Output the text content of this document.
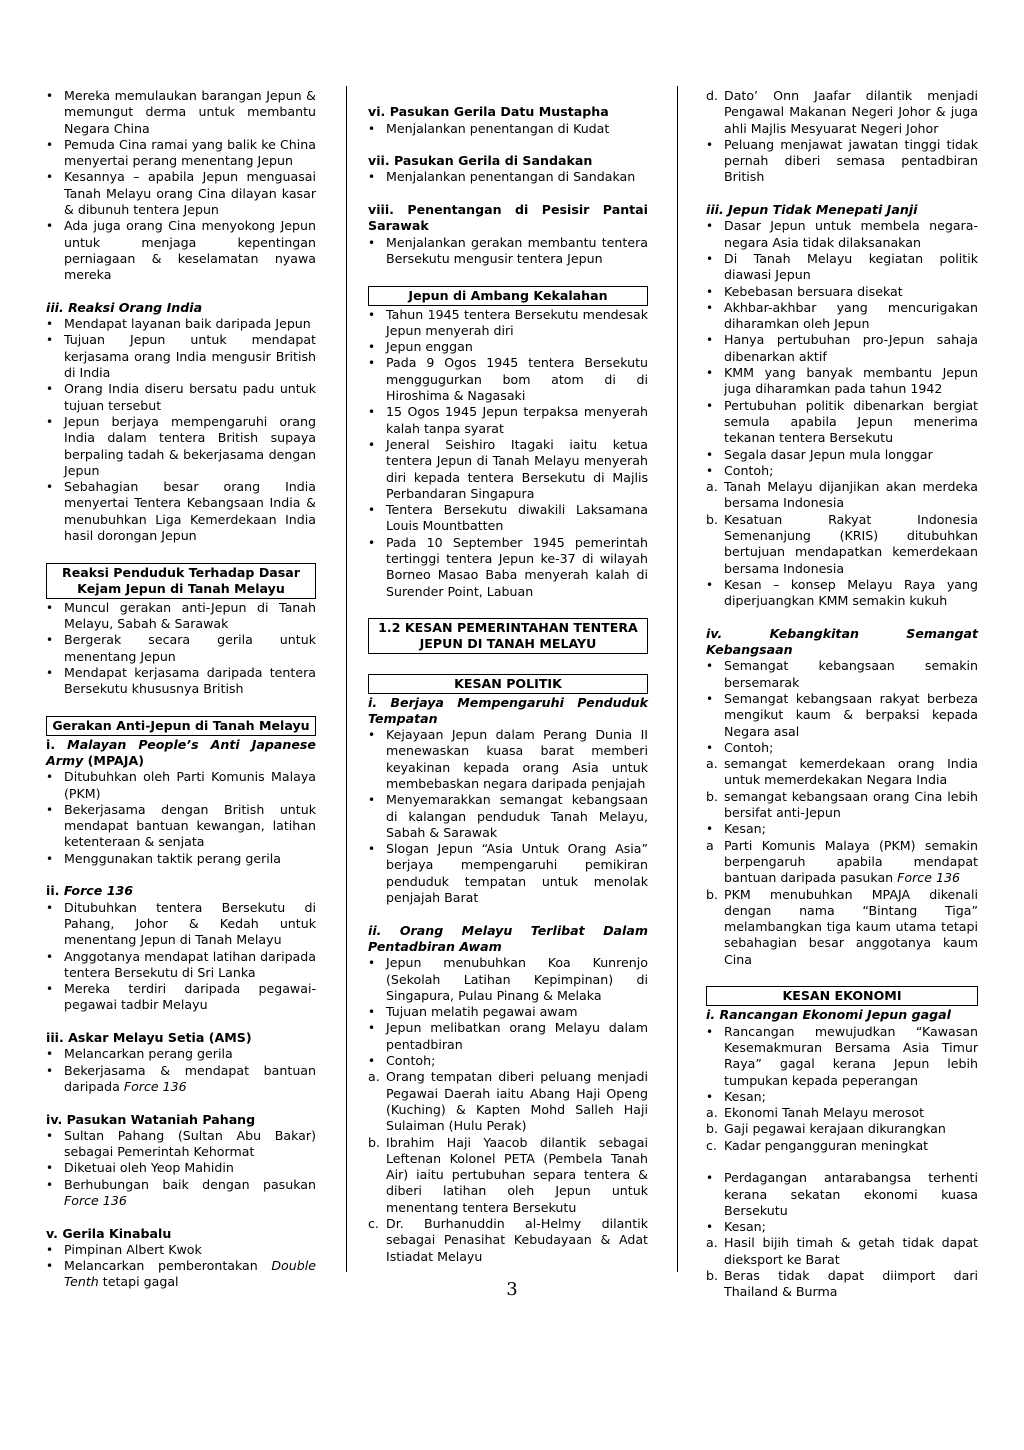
• Mereka memulaukan barangan Jepun & memungut derma untuk membantu Negara China
• Pemuda Cina ramai yang balik ke China menyertai perang menentang Jepun
• Kesannya – apabila Jepun menguasai Tanah Melayu orang Cina dilayan kasar & dibunuh tentera Jepun
• Ada juga orang Cina menyokong Jepun untuk menjaga kepentingan perniagaan & keselamatan nyawa mereka
iii. Reaksi Orang India
• Mendapat layanan baik daripada Jepun
• Tujuan Jepun untuk mendapat kerjasama orang India mengusir British di India
• Orang India diseru bersatu padu untuk tujuan tersebut
• Jepun berjaya mempengaruhi orang India dalam tentera British supaya berpaling tadah & bekerjasama dengan Jepun
• Sebahagian besar orang India menyertai Tentera Kebangsaan India & menubuhkan Liga Kemerdekaan India hasil dorongan Jepun
Reaksi Penduduk Terhadap Dasar Kejam Jepun di Tanah Melayu
• Muncul gerakan anti-Jepun di Tanah Melayu, Sabah & Sarawak
• Bergerak secara gerila untuk menentang Jepun
• Mendapat kerjasama daripada tentera Bersekutu khususnya British
Gerakan Anti-Jepun di Tanah Melayu
i. Malayan People’s Anti Japanese Army (MPAJA)
• Ditubuhkan oleh Parti Komunis Malaya (PKM)
• Bekerjasama dengan British untuk mendapat bantuan kewangan, latihan ketenteraan & senjata
• Menggunakan taktik perang gerila
ii. Force 136
• Ditubuhkan tentera Bersekutu di Pahang, Johor & Kedah untuk menentang Jepun di Tanah Melayu
• Anggotanya mendapat latihan daripada tentera Bersekutu di Sri Lanka
• Mereka terdiri daripada pegawai-pegawai tadbir Melayu
iii. Askar Melayu Setia (AMS)
• Melancarkan perang gerila
• Bekerjasama & mendapat bantuan daripada Force 136
iv. Pasukan Wataniah Pahang
• Sultan Pahang (Sultan Abu Bakar) sebagai Pemerintah Kehormat
• Diketuai oleh Yeop Mahidin
• Berhubungan baik dengan pasukan Force 136
v. Gerila Kinabalu
• Pimpinan Albert Kwok
• Melancarkan pemberontakan Double Tenth tetapi gagal
vi. Pasukan Gerila Datu Mustapha
• Menjalankan penentangan di Kudat
vii. Pasukan Gerila di Sandakan
• Menjalankan penentangan di Sandakan
viii. Penentangan di Pesisir Pantai Sarawak
• Menjalankan gerakan membantu tentera Bersekutu mengusir tentera Jepun
Jepun di Ambang Kekalahan
• Tahun 1945 tentera Bersekutu mendesak Jepun menyerah diri
• Jepun enggan
• Pada 9 Ogos 1945 tentera Bersekutu menggugurkan bom atom di di Hiroshima & Nagasaki
• 15 Ogos 1945 Jepun terpaksa menyerah kalah tanpa syarat
• Jeneral Seishiro Itagaki iaitu ketua tentera Jepun di Tanah Melayu menyerah diri kepada tentera Bersekutu di Majlis Perbandaran Singapura
• Tentera Bersekutu diwakili Laksamana Louis Mountbatten
• Pada 10 September 1945 pemerintah tertinggi tentera Jepun ke-37 di wilayah Borneo Masao Baba menyerah kalah di Surender Point, Labuan
1.2 KESAN PEMERINTAHAN TENTERA JEPUN DI TANAH MELAYU
KESAN POLITIK
i. Berjaya Mempengaruhi Penduduk Tempatan
• Kejayaan Jepun dalam Perang Dunia II menewaskan kuasa barat memberi keyakinan kepada orang Asia untuk membebaskan negara daripada penjajah
• Menyemarakkan semangat kebangsaan di kalangan penduduk Tanah Melayu, Sabah & Sarawak
• Slogan Jepun “Asia Untuk Orang Asia” berjaya mempengaruhi pemikiran penduduk tempatan untuk menolak penjajah Barat
ii. Orang Melayu Terlibat Dalam Pentadbiran Awam
• Jepun menubuhkan Koa Kunrenjo (Sekolah Latihan Kepimpinan) di Singapura, Pulau Pinang & Melaka
• Tujuan melatih pegawai awam
• Jepun melibatkan orang Melayu dalam pentadbiran
• Contoh;
a. Orang tempatan diberi peluang menjadi Pegawai Daerah iaitu Abang Haji Openg (Kuching) & Kapten Mohd Salleh Haji Sulaiman (Hulu Perak)
b. Ibrahim Haji Yaacob dilantik sebagai Leftenan Kolonel PETA (Pembela Tanah Air) iaitu pertubuhan separa tentera & diberi latihan oleh Jepun untuk menentang tentera Bersekutu
c. Dr. Burhanuddin al-Helmy dilantik sebagai Penasihat Kebudayaan & Adat Istiadat Melayu
d. Dato’ Onn Jaafar dilantik menjadi Pengawal Makanan Negeri Johor & juga ahli Majlis Mesyuarat Negeri Johor
• Peluang menjawat jawatan tinggi tidak pernah diberi semasa pentadbiran British
iii. Jepun Tidak Menepati Janji
• Dasar Jepun untuk membela negara-negara Asia tidak dilaksanakan
• Di Tanah Melayu kegiatan politik diawasi Jepun
• Kebebasan bersuara disekat
• Akhbar-akhbar yang mencurigakan diharamkan oleh Jepun
• Hanya pertubuhan pro-Jepun sahaja dibenarkan aktif
• KMM yang banyak membantu Jepun juga diharamkan pada tahun 1942
• Pertubuhan politik dibenarkan bergiat semula apabila Jepun menerima tekanan tentera Bersekutu
• Segala dasar Jepun mula longgar
• Contoh;
a. Tanah Melayu dijanjikan akan merdeka bersama Indonesia
b. Kesatuan Rakyat Indonesia Semenanjung (KRIS) ditubuhkan bertujuan mendapatkan kemerdekaan bersama Indonesia
• Kesan – konsep Melayu Raya yang diperjuangkan KMM semakin kukuh
iv. Kebangkitan Semangat Kebangsaan
• Semangat kebangsaan semakin bersemarak
• Semangat kebangsaan rakyat berbeza mengikut kaum & berpaksi kepada Negara asal
• Contoh;
a. semangat kemerdekaan orang India untuk memerdekakan Negara India
b. semangat kebangsaan orang Cina lebih bersifat anti-Jepun
• Kesan;
a Parti Komunis Malaya (PKM) semakin berpengaruh apabila mendapat bantuan daripada pasukan Force 136
b. PKM menubuhkan MPAJA dikenali dengan nama “Bintang Tiga” melambangkan tiga kaum utama tetapi sebahagian besar anggotanya kaum Cina
KESAN EKONOMI
i. Rancangan Ekonomi Jepun gagal
• Rancangan mewujudkan “Kawasan Kesemakmuran Bersama Asia Timur Raya” gagal kerana Jepun lebih tumpukan kepada peperangan
• Kesan;
a. Ekonomi Tanah Melayu merosot
b. Gaji pegawai kerajaan dikurangkan
c. Kadar pengangguran meningkat
• Perdagangan antarabangsa terhenti kerana sekatan ekonomi kuasa Bersekutu
• Kesan;
a. Hasil bijih timah & getah tidak dapat dieksport ke Barat
b. Beras tidak dapat diimport dari Thailand & Burma
3
